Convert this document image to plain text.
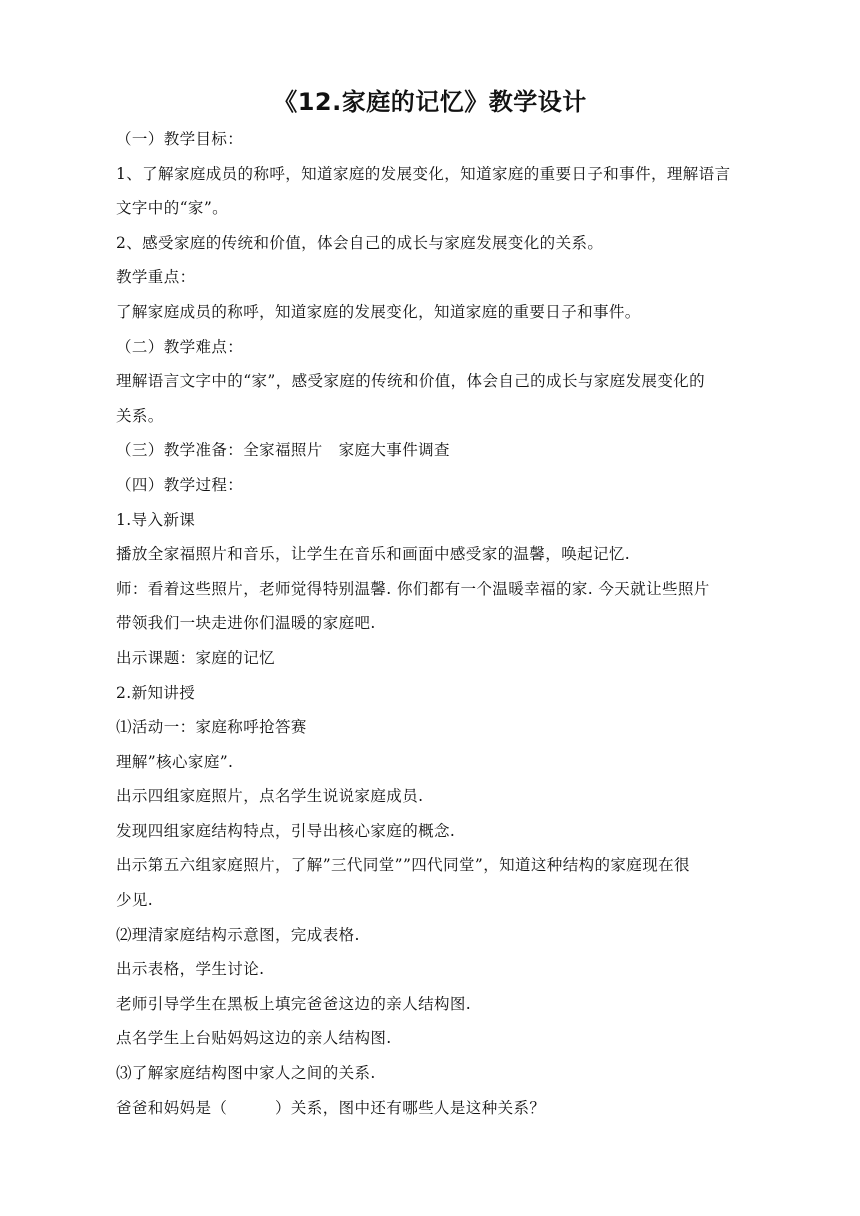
《12.家庭的记忆》教学设计

（一）教学目标：

1、了解家庭成员的称呼，知道家庭的发展变化，知道家庭的重要日子和事件，理解语言

文字中的“家”。

2、感受家庭的传统和价值，体会自己的成长与家庭发展变化的关系。

教学重点：

了解家庭成员的称呼，知道家庭的发展变化，知道家庭的重要日子和事件。

（二）教学难点：

理解语言文字中的“家”，感受家庭的传统和价值，体会自己的成长与家庭发展变化的

关系。

（三）教学准备：全家福照片　家庭大事件调查

（四）教学过程：

1.导入新课

播放全家福照片和音乐，让学生在音乐和画面中感受家的温馨，唤起记忆.

师：看着这些照片，老师觉得特别温馨. 你们都有一个温暖幸福的家. 今天就让些照片

带领我们一块走进你们温暖的家庭吧.

出示课题：家庭的记忆

2.新知讲授

⑴活动一：家庭称呼抢答赛

理解”核心家庭”.

出示四组家庭照片，点名学生说说家庭成员.

发现四组家庭结构特点，引导出核心家庭的概念.

出示第五六组家庭照片，了解”三代同堂””四代同堂”，知道这种结构的家庭现在很

少见.

⑵理清家庭结构示意图，完成表格.

出示表格，学生讨论.

老师引导学生在黑板上填完爸爸这边的亲人结构图.

点名学生上台贴妈妈这边的亲人结构图.

⑶了解家庭结构图中家人之间的关系.

爸爸和妈妈是（　　　）关系，图中还有哪些人是这种关系？
